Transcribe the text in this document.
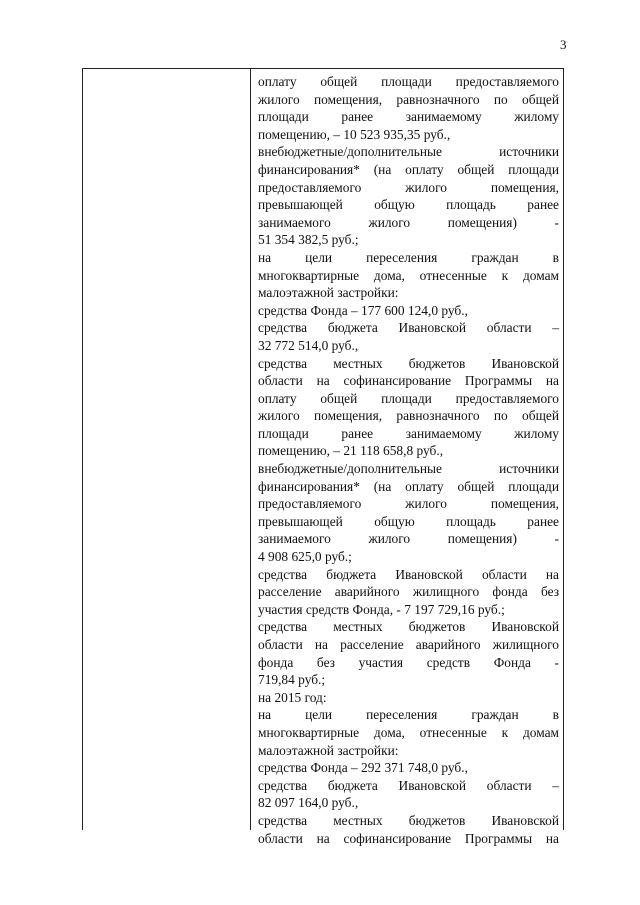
3
оплату общей площади предоставляемого
жилого помещения, равнозначного по общей
площади ранее занимаемому жилому
помещению, – 10 523 935,35 руб.,
внебюджетные/дополнительные источники
финансирования* (на оплату общей площади
предоставляемого жилого помещения,
превышающей общую площадь ранее
занимаемого жилого помещения) -
51 354 382,5 руб.;
на цели переселения граждан в
многоквартирные дома, отнесенные к домам
малоэтажной застройки:
средства Фонда – 177 600 124,0 руб.,
средства бюджета Ивановской области –
32 772 514,0 руб.,
средства местных бюджетов Ивановской
области на софинансирование Программы на
оплату общей площади предоставляемого
жилого помещения, равнозначного по общей
площади ранее занимаемому жилому
помещению, – 21 118 658,8 руб.,
внебюджетные/дополнительные источники
финансирования* (на оплату общей площади
предоставляемого жилого помещения,
превышающей общую площадь ранее
занимаемого жилого помещения) -
4 908 625,0 руб.;
средства бюджета Ивановской области на
расселение аварийного жилищного фонда без
участия средств Фонда, - 7 197 729,16 руб.;
средства местных бюджетов Ивановской
области на расселение аварийного жилищного
фонда без участия средств Фонда -
719,84 руб.;
на 2015 год:
на цели переселения граждан в
многоквартирные дома, отнесенные к домам
малоэтажной застройки:
средства Фонда – 292 371 748,0 руб.,
средства бюджета Ивановской области –
82 097 164,0 руб.,
средства местных бюджетов Ивановской
области на софинансирование Программы на
